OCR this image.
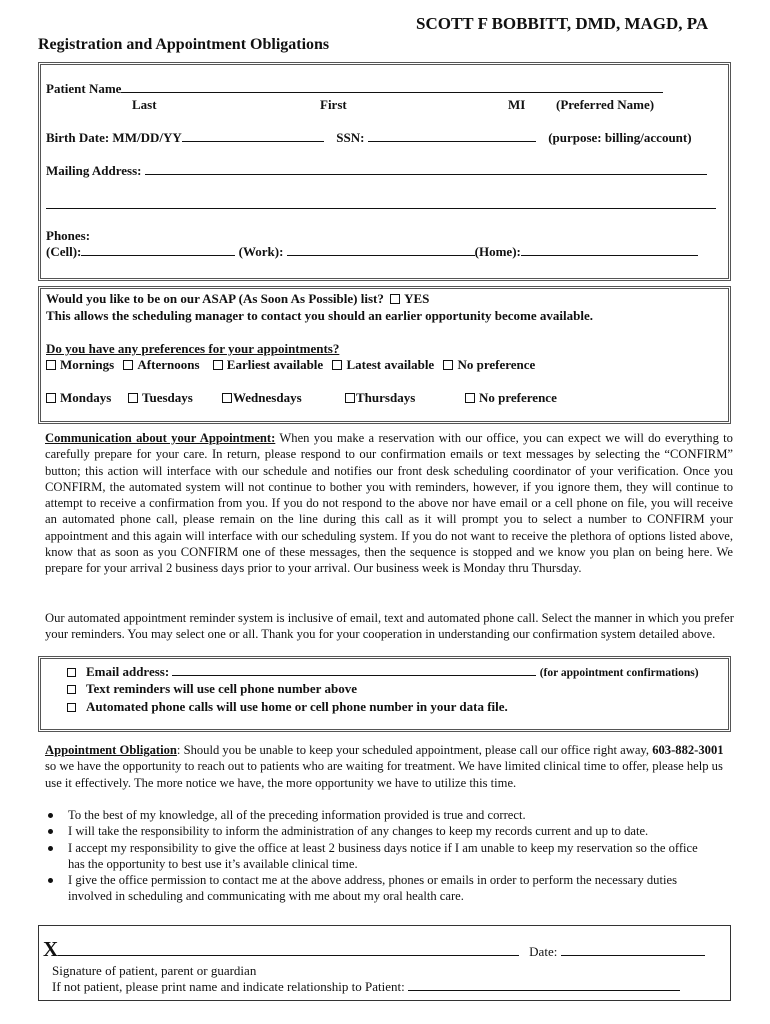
SCOTT F BOBBITT, DMD, MAGD, PA
Registration and Appointment Obligations
Patient Name
Last	First	MI (Preferred Name)
Birth Date: MM/DD/YY	SSN:	(purpose: billing/account)
Mailing Address:
Phones:
(Cell):	(Work):	(Home):
Would you like to be on our ASAP (As Soon As Possible) list? YES
This allows the scheduling manager to contact you should an earlier opportunity become available.
Do you have any preferences for your appointments?
Mornings Afternoons Earliest available Latest available No preference
Mondays	Tuesdays	Wednesdays	Thursdays	No preference
Communication about your Appointment: When you make a reservation with our office, you can expect we will do everything to carefully prepare for your care. In return, please respond to our confirmation emails or text messages by selecting the “CONFIRM” button; this action will interface with our schedule and notifies our front desk scheduling coordinator of your verification. Once you CONFIRM, the automated system will not continue to bother you with reminders, however, if you ignore them, they will continue to attempt to receive a confirmation from you. If you do not respond to the above nor have email or a cell phone on file, you will receive an automated phone call, please remain on the line during this call as it will prompt you to select a number to CONFIRM your appointment and this again will interface with our scheduling system. If you do not want to receive the plethora of options listed above, know that as soon as you CONFIRM one of these messages, then the sequence is stopped and we know you plan on being here. We prepare for your arrival 2 business days prior to your arrival. Our business week is Monday thru Thursday.
Our automated appointment reminder system is inclusive of email, text and automated phone call. Select the manner in which you prefer your reminders. You may select one or all. Thank you for your cooperation in understanding our confirmation system detailed above.
Email address:	(for appointment confirmations)
Text reminders will use cell phone number above
Automated phone calls will use home or cell phone number in your data file.
Appointment Obligation: Should you be unable to keep your scheduled appointment, please call our office right away, 603-882-3001 so we have the opportunity to reach out to patients who are waiting for treatment. We have limited clinical time to offer, please help us use it effectively. The more notice we have, the more opportunity we have to utilize this time.
To the best of my knowledge, all of the preceding information provided is true and correct.
I will take the responsibility to inform the administration of any changes to keep my records current and up to date.
I accept my responsibility to give the office at least 2 business days notice if I am unable to keep my reservation so the office has the opportunity to best use it’s available clinical time.
I give the office permission to contact me at the above address, phones or emails in order to perform the necessary duties involved in scheduling and communicating with me about my oral health care.
X	Date:
Signature of patient, parent or guardian
If not patient, please print name and indicate relationship to Patient:
